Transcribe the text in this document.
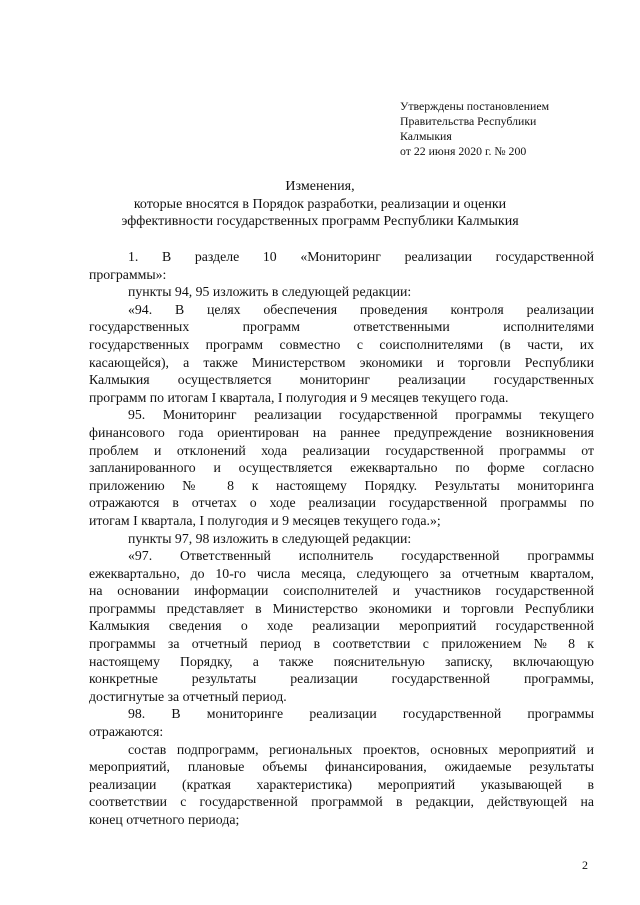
Утверждены постановлением
Правительства Республики
Калмыкия
от 22 июня 2020 г. № 200
Изменения,
которые вносятся в Порядок разработки, реализации и оценки
эффективности государственных программ Республики Калмыкия
1. В разделе 10 «Мониторинг реализации государственной
программы»:
пункты 94, 95 изложить в следующей редакции:
«94. В целях обеспечения проведения контроля реализации
государственных программ ответственными исполнителями
государственных программ совместно с соисполнителями (в части, их
касающейся), а также Министерством экономики и торговли Республики
Калмыкия осуществляется мониторинг реализации государственных
программ по итогам I квартала, I полугодия и 9 месяцев текущего года.
95. Мониторинг реализации государственной программы текущего
финансового года ориентирован на раннее предупреждение возникновения
проблем и отклонений хода реализации государственной программы от
запланированного и осуществляется ежеквартально по форме согласно
приложению № 8 к настоящему Порядку. Результаты мониторинга
отражаются в отчетах о ходе реализации государственной программы по
итогам I квартала, I полугодия и 9 месяцев текущего года.»;
пункты 97, 98 изложить в следующей редакции:
«97. Ответственный исполнитель государственной программы
ежеквартально, до 10-го числа месяца, следующего за отчетным кварталом,
на основании информации соисполнителей и участников государственной
программы представляет в Министерство экономики и торговли Республики
Калмыкия сведения о ходе реализации мероприятий государственной
программы за отчетный период в соответствии с приложением № 8 к
настоящему Порядку, а также пояснительную записку, включающую
конкретные результаты реализации государственной программы,
достигнутые за отчетный период.
98. В мониторинге реализации государственной программы
отражаются:
состав подпрограмм, региональных проектов, основных мероприятий и
мероприятий, плановые объемы финансирования, ожидаемые результаты
реализации (краткая характеристика) мероприятий указывающей в
соответствии с государственной программой в редакции, действующей на
конец отчетного периода;
2
